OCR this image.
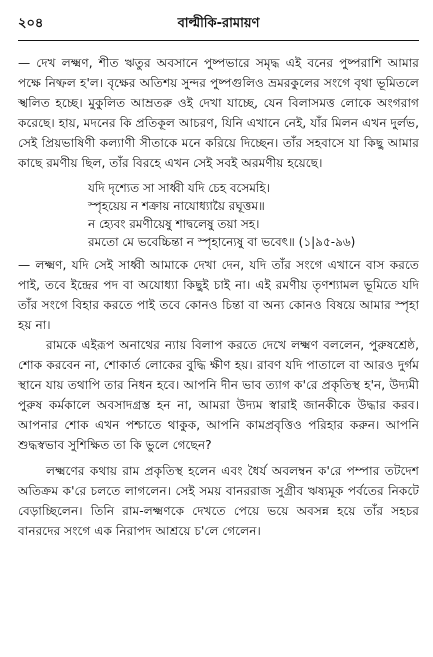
২০৪	বাল্মীকি-রামায়ণ

— দেখ লক্ষ্মণ, শীত ঋতুর অবসানে পুষ্পভারে সমৃদ্ধ এই বনের পুষ্পরাশি আমার পক্ষে নিষ্ফল হ'ল। বৃক্ষের অতিশয় সুন্দর পুষ্পগুলিও ভ্রমরকুলের সংগে বৃথা ভূমিতলে স্খলিত হচ্ছে। মুকুলিত আম্রতরু ওই দেখা যাচ্ছে, যেন বিলাসমত্ত লোকে অংগরাগ করেছে। হায়, মদনের কি প্রতিকূল আচরণ, যিনি এখানে নেই, যাঁর মিলন এখন দুর্লভ, সেই প্রিয়ভাষিণী কল্যাণী সীতাকে মনে করিয়ে দিচ্ছেন। তাঁর সহবাসে যা কিছু আমার কাছে রমণীয় ছিল, তাঁর বিরহে এখন সেই সবই অরমণীয় হয়েছে।

যদি দৃশ্যেত সা সাধ্বী যদি চেহ বসেমহি।
স্পৃহয়েয় ন শক্রায় নাযোধ্যায়ৈ রঘূত্তম॥
ন হ্যেবং রমণীয়েষু শাদ্বলেষু তয়া সহ।
রমতো মে ভবেচ্চিন্তা ন স্পৃহান্যেষু বা ভবেৎ॥ (১|৯৫-৯৬)

— লক্ষ্মণ, যদি সেই সাধ্বী আমাকে দেখা দেন, যদি তাঁর সংগে এখানে বাস করতে পাই, তবে ইন্দ্রের পদ বা অযোধ্যা কিছুই চাই না। এই রমণীয় তৃণশ্যামল ভূমিতে যদি তাঁর সংগে বিহার করতে পাই তবে কোনও চিন্তা বা অন্য কোনও বিষয়ে আমার স্পৃহা হয় না।

রামকে এইরূপ অনাথের ন্যায় বিলাপ করতে দেখে লক্ষ্মণ বললেন, পুরুষশ্রেষ্ঠ, শোক করবেন না, শোকার্ত লোকের বুদ্ধি ক্ষীণ হয়। রাবণ যদি পাতালে বা আরও দুর্গম স্থানে যায় তথাপি তার নিধন হবে। আপনি দীন ভাব ত্যাগ ক'রে প্রকৃতিস্থ হ'ন, উদ্যমী পুরুষ কর্মকালে অবসাদগ্রস্ত হন না, আমরা উদ্যম স্বারাই জানকীকে উদ্ধার করব। আপনার শোক এখন পশ্চাতে থাকুক, আপনি কামপ্রবৃত্তিও পরিহার করুন। আপনি শুদ্ধস্বভাব সুশিক্ষিত তা কি ভুলে গেছেন?

লক্ষ্মণের কথায় রাম প্রকৃতিস্থ হলেন এবং ধৈর্য অবলম্বন ক'রে পম্পার তটদেশ অতিক্রম ক'রে চলতে লাগলেন। সেই সময় বানররাজ সুগ্রীব ঋষ্যমূক পর্বতের নিকটে বেড়াচ্ছিলেন। তিনি রাম-লক্ষ্মণকে দেখতে পেয়ে ভয়ে অবসন্ন হয়ে তাঁর সহচর বানরদের সংগে এক নিরাপদ আশ্রয়ে চ'লে গেলেন।
